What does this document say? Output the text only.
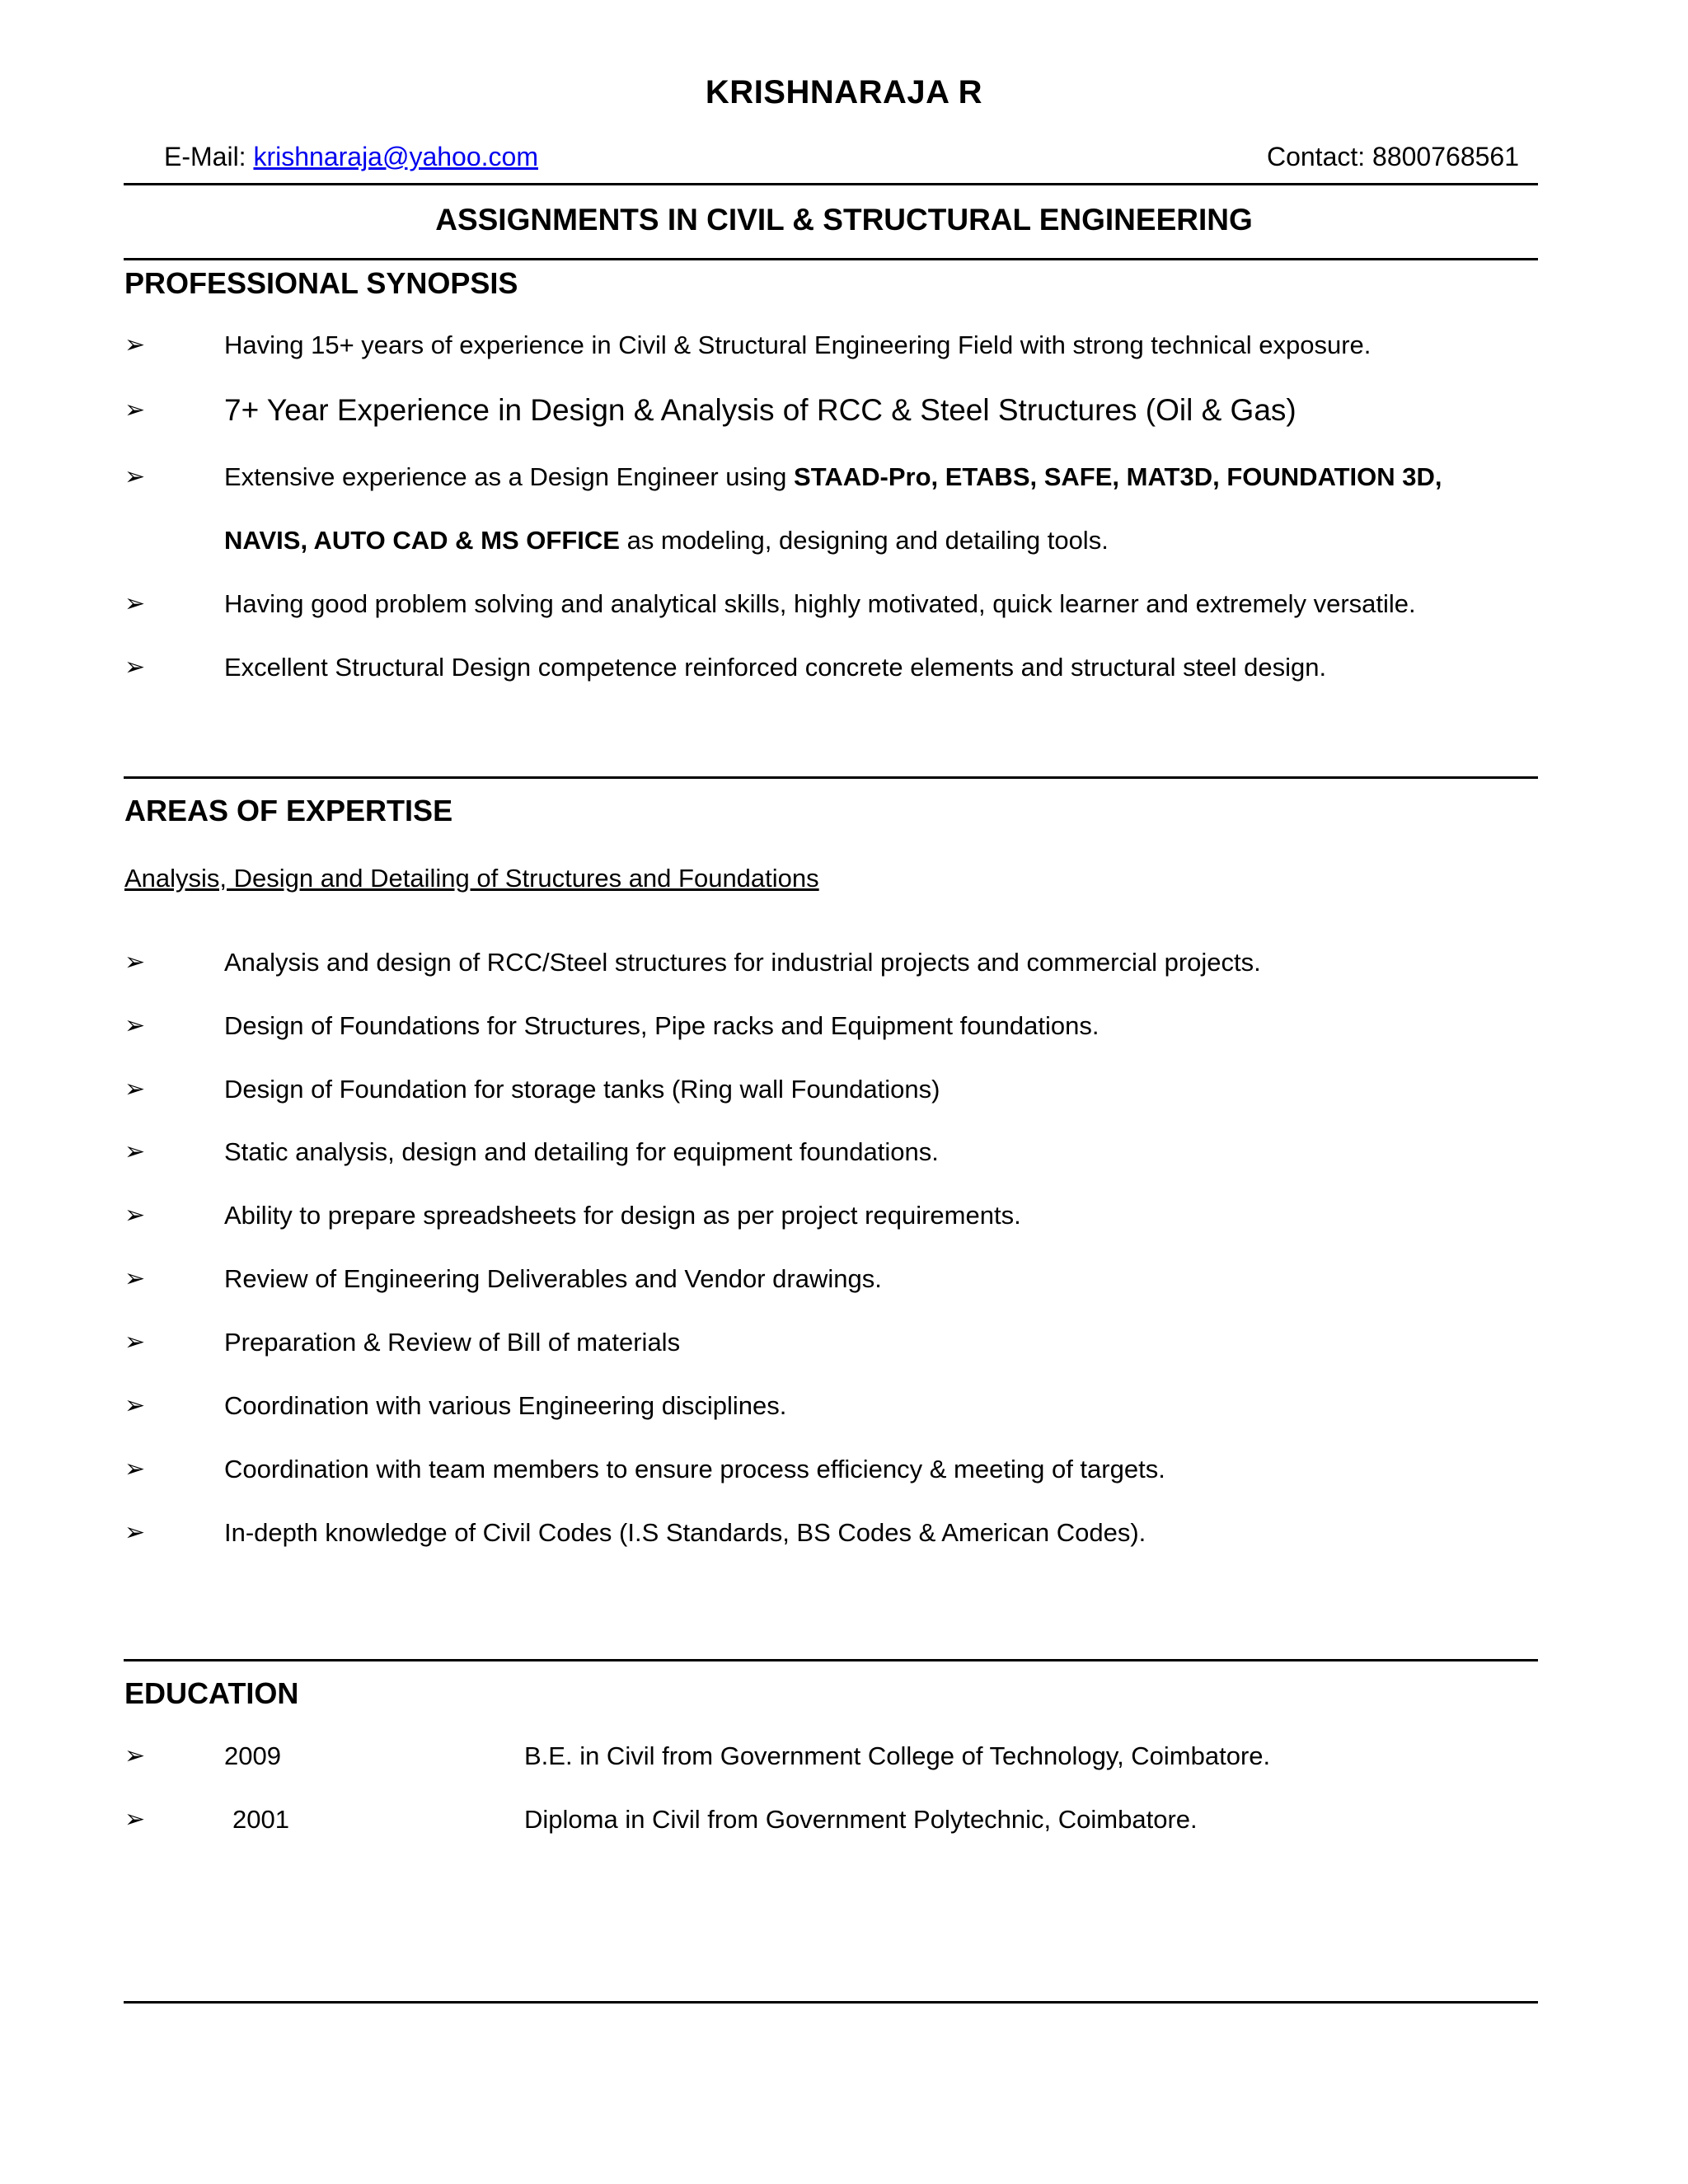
KRISHNARAJA R
E-Mail: krishnaraja@yahoo.com	Contact: 8800768561
ASSIGNMENTS IN CIVIL & STRUCTURAL ENGINEERING
PROFESSIONAL SYNOPSIS
➢	Having 15+ years of experience in Civil & Structural Engineering Field with strong technical exposure.
➢	7+ Year Experience in Design & Analysis of RCC & Steel Structures (Oil & Gas)
➢	Extensive experience as a Design Engineer using STAAD-Pro, ETABS, SAFE, MAT3D, FOUNDATION 3D,
NAVIS, AUTO CAD & MS OFFICE as modeling, designing and detailing tools.
➢	Having good problem solving and analytical skills, highly motivated, quick learner and extremely versatile.
➢	Excellent Structural Design competence reinforced concrete elements and structural steel design.
AREAS OF EXPERTISE
Analysis, Design and Detailing of Structures and Foundations
➢	Analysis and design of RCC/Steel structures for industrial projects and commercial projects.
➢	Design of Foundations for Structures, Pipe racks and Equipment foundations.
➢	Design of Foundation for storage tanks (Ring wall Foundations)
➢	Static analysis, design and detailing for equipment foundations.
➢	Ability to prepare spreadsheets for design as per project requirements.
➢	Review of Engineering Deliverables and Vendor drawings.
➢	Preparation & Review of Bill of materials
➢	Coordination with various Engineering disciplines.
➢	Coordination with team members to ensure process efficiency & meeting of targets.
➢	In-depth knowledge of Civil Codes (I.S Standards, BS Codes & American Codes).
EDUCATION
➢	2009	B.E. in Civil from Government College of Technology, Coimbatore.
➢	2001	Diploma in Civil from Government Polytechnic, Coimbatore.
